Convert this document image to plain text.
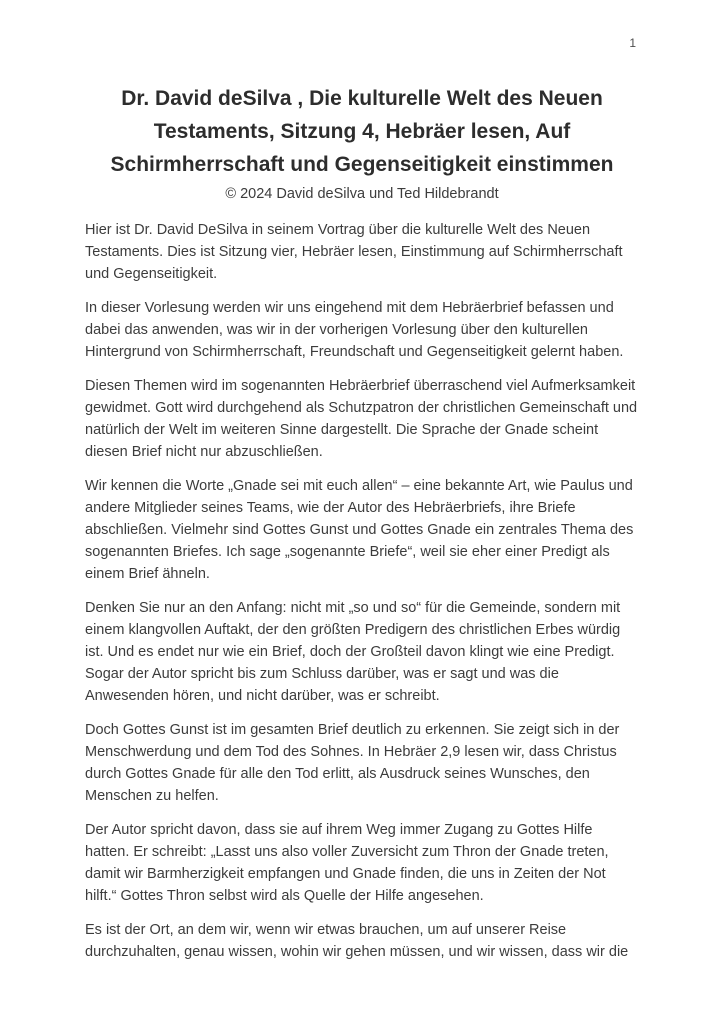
1
Dr. David deSilva , Die kulturelle Welt des Neuen Testaments, Sitzung 4, Hebräer lesen, Auf Schirmherrschaft und Gegenseitigkeit einstimmen
© 2024 David deSilva und Ted Hildebrandt

Hier ist Dr. David DeSilva in seinem Vortrag über die kulturelle Welt des Neuen Testaments. Dies ist Sitzung vier, Hebräer lesen, Einstimmung auf Schirmherrschaft und Gegenseitigkeit.

In dieser Vorlesung werden wir uns eingehend mit dem Hebräerbrief befassen und dabei das anwenden, was wir in der vorherigen Vorlesung über den kulturellen Hintergrund von Schirmherrschaft, Freundschaft und Gegenseitigkeit gelernt haben.

Diesen Themen wird im sogenannten Hebräerbrief überraschend viel Aufmerksamkeit gewidmet. Gott wird durchgehend als Schutzpatron der christlichen Gemeinschaft und natürlich der Welt im weiteren Sinne dargestellt. Die Sprache der Gnade scheint diesen Brief nicht nur abzuschließen.

Wir kennen die Worte „Gnade sei mit euch allen“ – eine bekannte Art, wie Paulus und andere Mitglieder seines Teams, wie der Autor des Hebräerbriefs, ihre Briefe abschließen. Vielmehr sind Gottes Gunst und Gottes Gnade ein zentrales Thema des sogenannten Briefes. Ich sage „sogenannte Briefe“, weil sie eher einer Predigt als einem Brief ähneln.

Denken Sie nur an den Anfang: nicht mit „so und so“ für die Gemeinde, sondern mit einem klangvollen Auftakt, der den größten Predigern des christlichen Erbes würdig ist. Und es endet nur wie ein Brief, doch der Großteil davon klingt wie eine Predigt. Sogar der Autor spricht bis zum Schluss darüber, was er sagt und was die Anwesenden hören, und nicht darüber, was er schreibt.

Doch Gottes Gunst ist im gesamten Brief deutlich zu erkennen. Sie zeigt sich in der Menschwerdung und dem Tod des Sohnes. In Hebräer 2,9 lesen wir, dass Christus durch Gottes Gnade für alle den Tod erlitt, als Ausdruck seines Wunsches, den Menschen zu helfen.

Der Autor spricht davon, dass sie auf ihrem Weg immer Zugang zu Gottes Hilfe hatten. Er schreibt: „Lasst uns also voller Zuversicht zum Thron der Gnade treten, damit wir Barmherzigkeit empfangen und Gnade finden, die uns in Zeiten der Not hilft.“ Gottes Thron selbst wird als Quelle der Hilfe angesehen.

Es ist der Ort, an dem wir, wenn wir etwas brauchen, um auf unserer Reise durchzuhalten, genau wissen, wohin wir gehen müssen, und wir wissen, dass wir die
